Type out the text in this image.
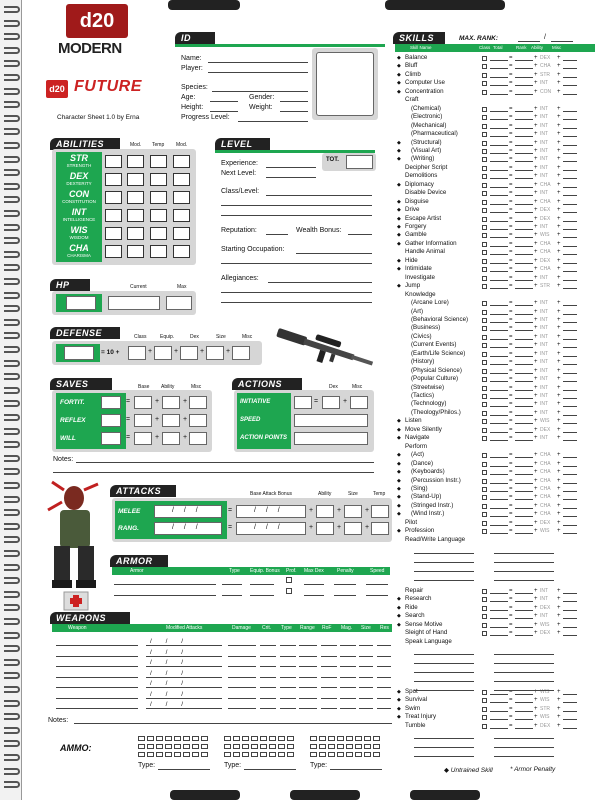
d20
MODERN
d20 FUTURE
Character Sheet 1.0 by Erna
ID
Name:
Player:
Species:
Age:	Gender:
Height:	Weight:
Progress Level:
ABILITIES	Mod. Temp Mod.
STR
STRENGTH
DEX
DEXTERITY
CON
CONSTITUTION
INT
INTELLIGENCE
WIS
WISDOM
CHA
CHARISMA
LEVEL
Experience:
Next Level:
TOT.
Class/Level:
Reputation:	Wealth Bonus:
Starting Occupation:
Allegiances:
HP	Current	Max
DEFENSE	Class	Equip.	Dex	Size	Misc
= 10 +	+	+	+	+
SAVES	Base Ability	Misc
FORTIT.	=	+	+
REFLEX	=	+	+
WILL	=	+	+
ACTIONS	Dex	Misc
INITIATIVE	=	+
SPEED
ACTION POINTS
Notes:
ATTACKS	Base Attack Bonus	Ability	Size	Temp
MELEE	/ / /	=	/ / /	+	+	+
RANG.	/ / /	=	/ / /	+	+	+
ARMOR
Armor	Type Equip. Bonus Prof. Max Dex	Penalty	Speed
WEAPONS
Weapon	Modified Attacks	Damage Crit. Type Range RoF Mag. Size Res
/ / /
/ / /
/ / /
/ / /
/ / /
/ / /
/ / /
Notes:
AMMO:
Type:	Type:	Type:
SKILLS	MAX. RANK:	/
Skill Name	Class Total	Rank Ability Misc
◆ Balance	=	+ DEX +
◆ Bluff	=	+ CHA +
◆ Climb	=	+ STR +
◆ Computer Use	=	+ INT +
◆ Concentration	=	+ CON +
Craft
(Chemical)	=	+ INT +
(Electronic)	=	+ INT +
(Mechanical)	=	+ INT +
(Pharmaceutical)	=	+ INT +
◆	(Structural)	=	+ INT +
◆	(Visual Art)	=	+ INT +
◆	(Writing)	=	+ INT +
Decipher Script	=	+ INT +
Demolitions	=	+ INT +
◆ Diplomacy	=	+ CHA +
Disable Device	=	+ INT +
◆ Disguise	=	+ CHA +
◆ Drive	=	+ DEX +
◆ Escape Artist	=	+ DEX +
◆ Forgery	=	+ INT +
◆ Gamble	=	+ WIS +
◆ Gather Information	=	+ CHA +
Handle Animal	=	+ CHA +
◆ Hide	=	+ DEX +
◆ Intimidate	=	+ CHA +
Investigate	=	+ INT +
◆ Jump	=	+ STR +
Knowledge
(Arcane Lore)	=	+ INT +
(Art)	=	+ INT +
(Behavioral Science)	=	+ INT +
(Business)	=	+ INT +
(Civics)	=	+ INT +
(Current Events)	=	+ INT +
(Earth/Life Science)	=	+ INT +
(History)	=	+ INT +
(Physical Science)	=	+ INT +
(Popular Culture)	=	+ INT +
(Streetwise)	=	+ INT +
(Tactics)	=	+ INT +
(Technology)	=	+ INT +
(Theology/Philos.)	=	+ INT +
◆ Listen	=	+ WIS +
◆ Move Silently	=	+ DEX +
◆ Navigate	=	+ INT +
Perform
◆	(Act)	=	+ CHA +
◆	(Dance)	=	+ CHA +
◆	(Keyboards)	=	+ CHA +
◆	(Percussion Instr.)	=	+ CHA +
◆	(Sing)	=	+ CHA +
◆	(Stand-Up)	=	+ CHA +
◆	(Stringed Instr.)	=	+ CHA +
◆	(Wind Instr.)	=	+ CHA +
Pilot	=	+ DEX +
◆ Profession	=	+ WIS +
Read/Write Language
Repair	=	+ INT +
◆ Research	=	+ INT +
◆ Ride	=	+ DEX +
◆ Search	=	+ INT +
◆ Sense Motive	=	+ WIS +
Sleight of Hand	=	+ DEX +
Speak Language
◆ Spot	=	+ WIS +
◆ Survival	=	+ WIS +
◆ Swim	=	+ STR +
◆ Treat Injury	=	+ WIS +
Tumble	=	+ DEX +
◆ Untrained Skill	* Armor Penalty
